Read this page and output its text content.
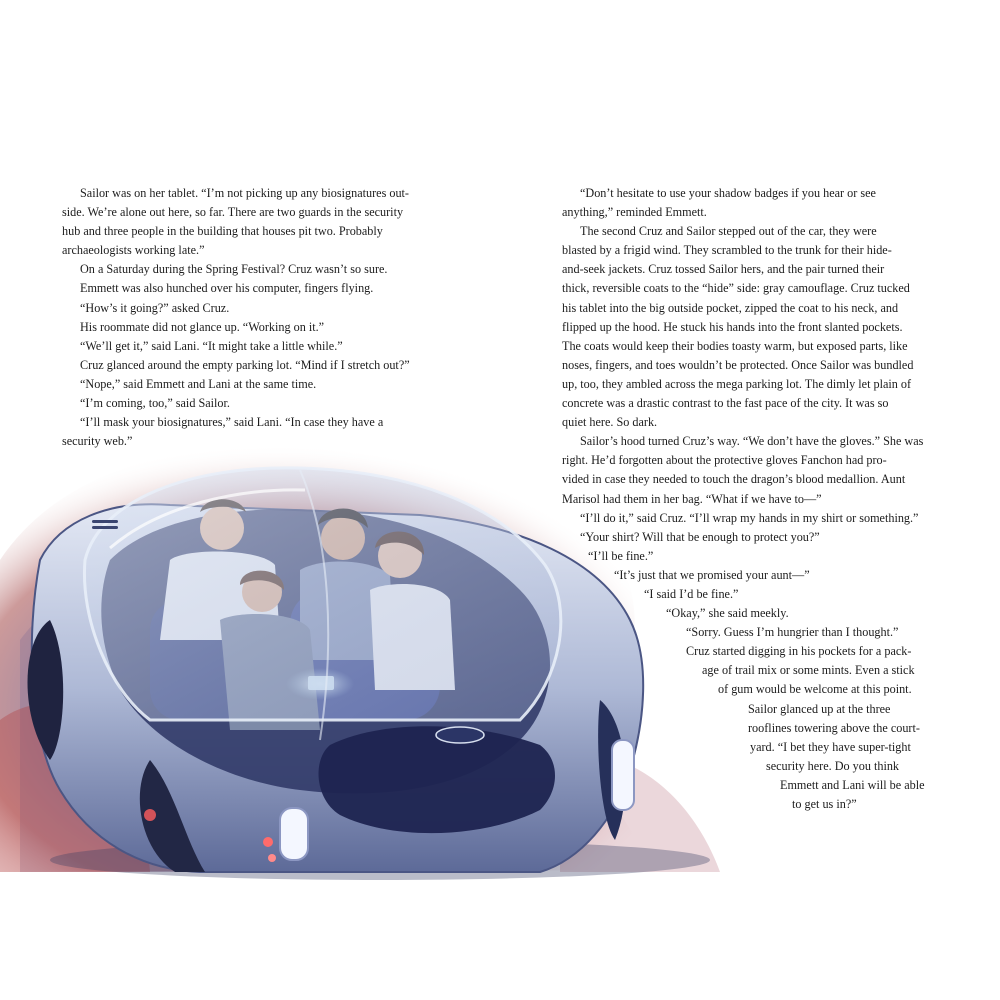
Sailor was on her tablet. “I’m not picking up any biosignatures out-

side. We’re alone out here, so far. There are two guards in the security

hub and three people in the building that houses pit two. Probably

archaeologists working late.”

On a Saturday during the Spring Festival? Cruz wasn’t so sure.

Emmett was also hunched over his computer, fingers flying.

“How’s it going?” asked Cruz.

His roommate did not glance up. “Working on it.”

“We’ll get it,” said Lani. “It might take a little while.”

Cruz glanced around the empty parking lot. “Mind if I stretch out?”

“Nope,” said Emmett and Lani at the same time.

“I’m coming, too,” said Sailor.

“I’ll mask your biosignatures,” said Lani. “In case they have a

security web.”

“Don’t hesitate to use your shadow badges if you hear or see

anything,” reminded Emmett.

The second Cruz and Sailor stepped out of the car, they were

blasted by a frigid wind. They scrambled to the trunk for their hide-

and-seek jackets. Cruz tossed Sailor hers, and the pair turned their

thick, reversible coats to the “hide” side: gray camouflage. Cruz tucked

his tablet into the big outside pocket, zipped the coat to his neck, and

flipped up the hood. He stuck his hands into the front slanted pockets.

The coats would keep their bodies toasty warm, but exposed parts, like

noses, fingers, and toes wouldn’t be protected. Once Sailor was bundled

up, too, they ambled across the mega parking lot. The dimly let plain of

concrete was a drastic contrast to the fast pace of the city. It was so

quiet here. So dark.

Sailor’s hood turned Cruz’s way. “We don’t have the gloves.” She was

right. He’d forgotten about the protective gloves Fanchon had pro-

vided in case they needed to touch the dragon’s blood medallion. Aunt

Marisol had them in her bag. “What if we have to—”

“I’ll do it,” said Cruz. “I’ll wrap my hands in my shirt or something.”

“Your shirt? Will that be enough to protect you?”

“I’ll be fine.”

“It’s just that we promised your aunt—”

“I said I’d be fine.”

“Okay,” she said meekly.

“Sorry. Guess I’m hungrier than I thought.”

Cruz started digging in his pockets for a pack-

age of trail mix or some mints. Even a stick

of gum would be welcome at this point.

Sailor glanced up at the three

rooflines towering above the court-

yard. “I bet they have super-tight

security here. Do you think

Emmett and Lani will be able

to get us in?”
